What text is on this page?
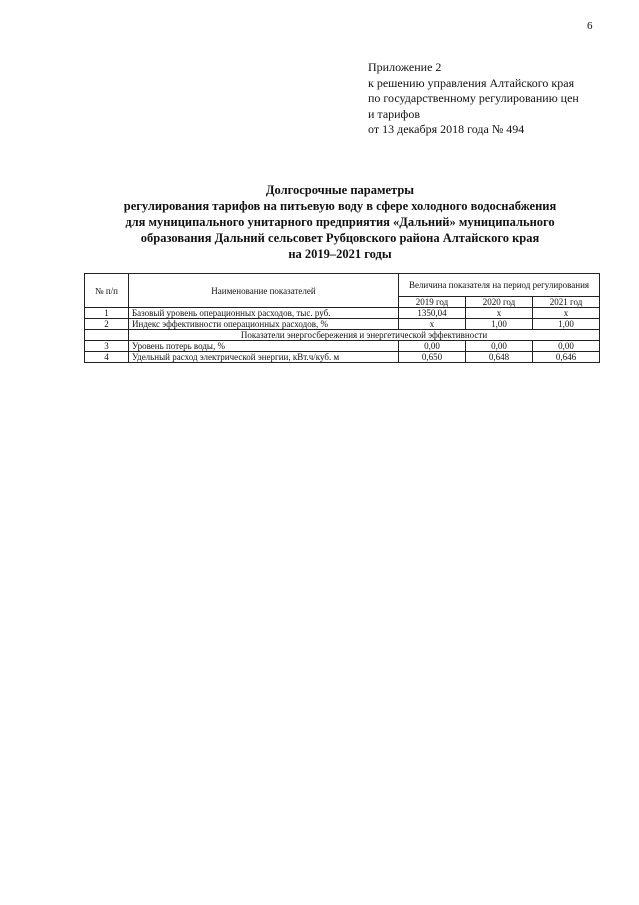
6
Приложение 2
к решению управления Алтайского края
по государственному регулированию цен
и тарифов
от 13 декабря 2018 года № 494
Долгосрочные параметры
регулирования тарифов на питьевую воду в сфере холодного водоснабжения
для муниципального унитарного предприятия «Дальний» муниципального
образования Дальний сельсовет Рубцовского района Алтайского края
на 2019–2021 годы
№ п/п	Наименование показателей	Величина показателя на период регулирования		
		2019 год	2020 год	2021 год
1	Базовый уровень операционных расходов, тыс. руб.	1350,04	х	х
2	Индекс эффективности операционных расходов, %	х	1,00	1,00
	Показатели энергосбережения и энергетической эффективности			
3	Уровень потерь воды, %	0,00	0,00	0,00
4	Удельный расход электрической энергии, кВт.ч/куб. м	0,650	0,648	0,646
